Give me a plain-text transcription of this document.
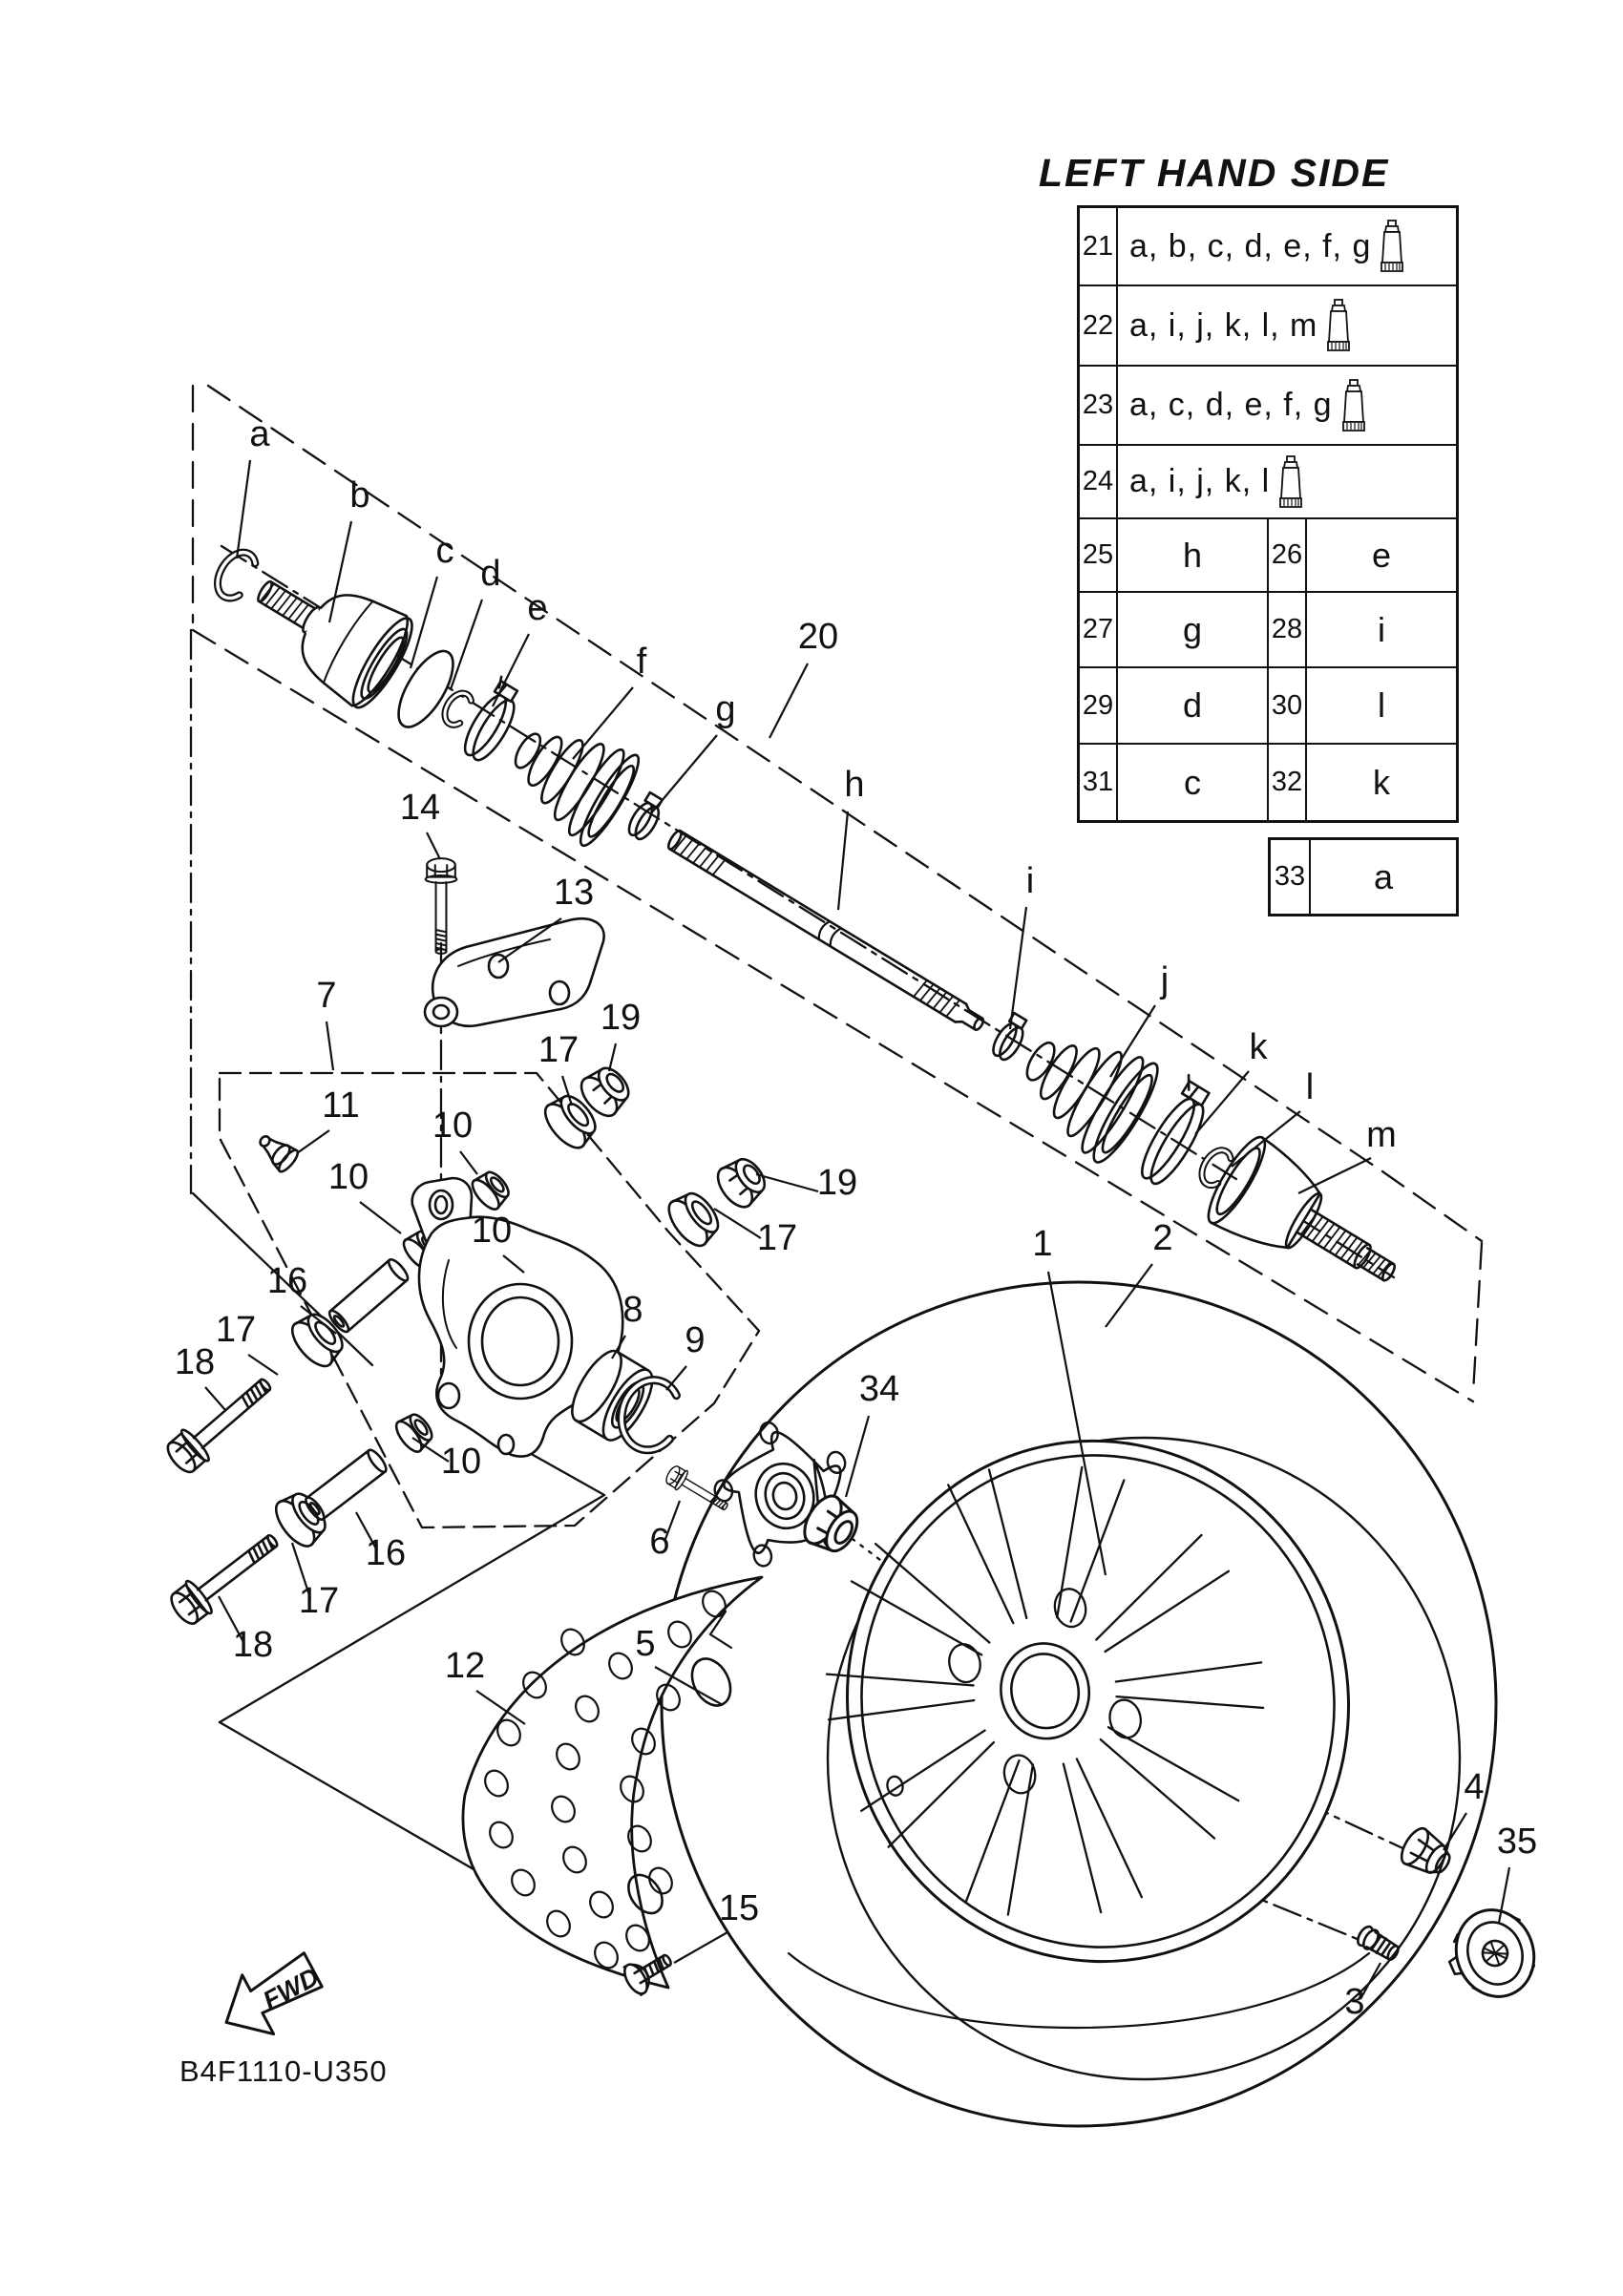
a
b
c
d
e
f
g
h
i
j
k
l
m
20
14
13
7
19
17
11 10
10
10
19
17	1	2
16
17
18
8
9
34
10
16
17
18
6
5
12
15
4
35
3
LEFT HAND SIDE
21 a, b, c, d, e, f, g
22 a, i, j, k, l, m
23 a, c, d, e, f, g
24 a, i, j, k, l
25	h	26	e
27	g	28	i
29	d	30	l
31	c	32	k
33	a
FWD
B4F1110-U350
